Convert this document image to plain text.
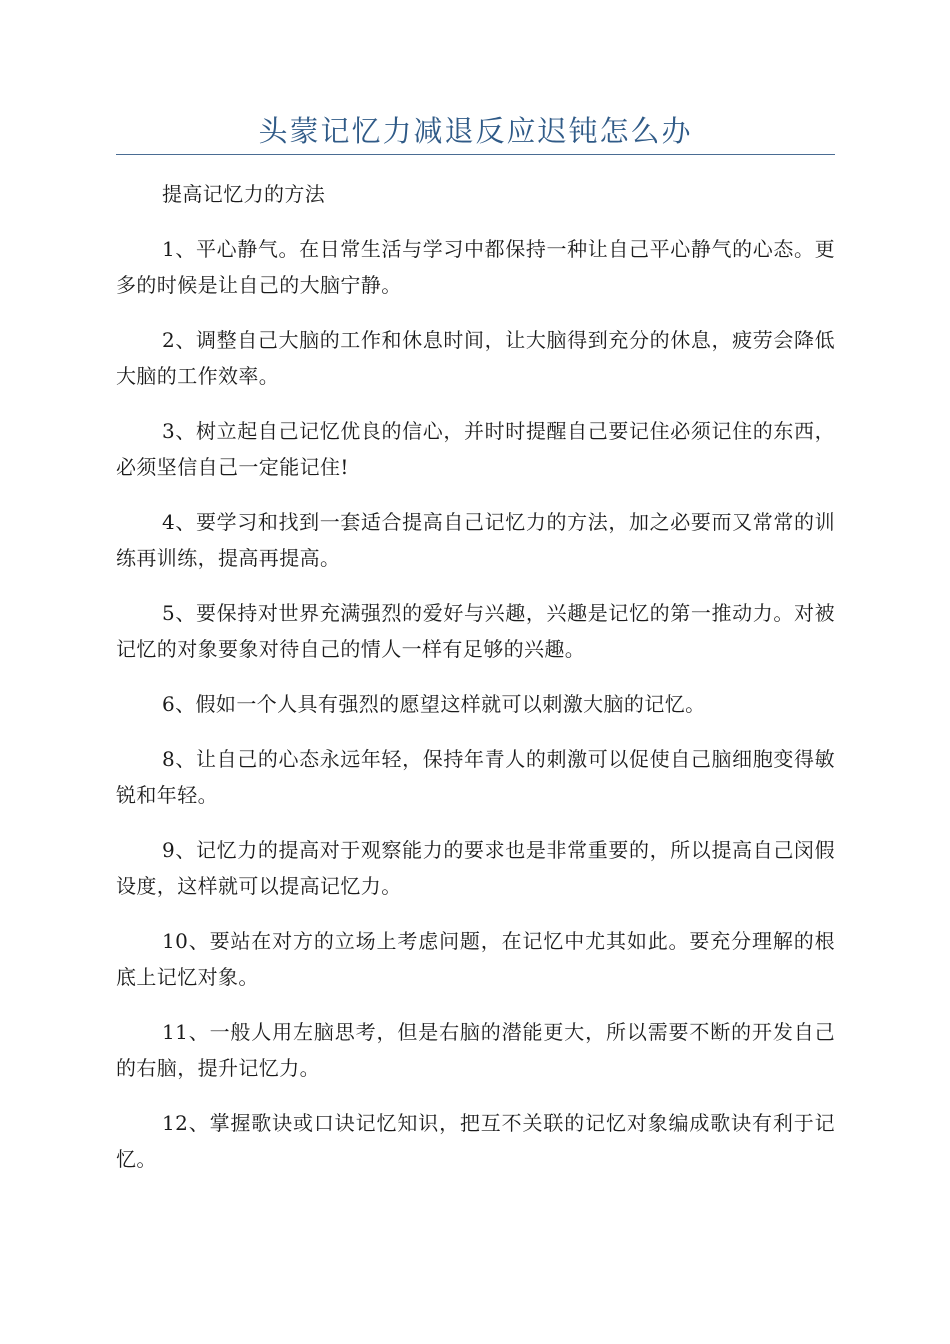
头蒙记忆力减退反应迟钝怎么办

提高记忆力的方法

1、平心静气。在日常生活与学习中都保持一种让自己平心静气的心态。更多的时候是让自己的大脑宁静。

2、调整自己大脑的工作和休息时间，让大脑得到充分的休息，疲劳会降低大脑的工作效率。

3、树立起自己记忆优良的信心，并时时提醒自己要记住必须记住的东西，必须坚信自己一定能记住!

4、要学习和找到一套适合提高自己记忆力的方法，加之必要而又常常的训练再训练，提高再提高。

5、要保持对世界充满强烈的爱好与兴趣，兴趣是记忆的第一推动力。对被记忆的对象要象对待自己的情人一样有足够的兴趣。

6、假如一个人具有强烈的愿望这样就可以刺激大脑的记忆。

8、让自己的心态永远年轻，保持年青人的刺激可以促使自己脑细胞变得敏锐和年轻。

9、记忆力的提高对于观察能力的要求也是非常重要的，所以提高自己闵假设度，这样就可以提高记忆力。

10、要站在对方的立场上考虑问题，在记忆中尤其如此。要充分理解的根底上记忆对象。

11、一般人用左脑思考，但是右脑的潜能更大，所以需要不断的开发自己的右脑，提升记忆力。

12、掌握歌诀或口诀记忆知识，把互不关联的记忆对象编成歌诀有利于记忆。
